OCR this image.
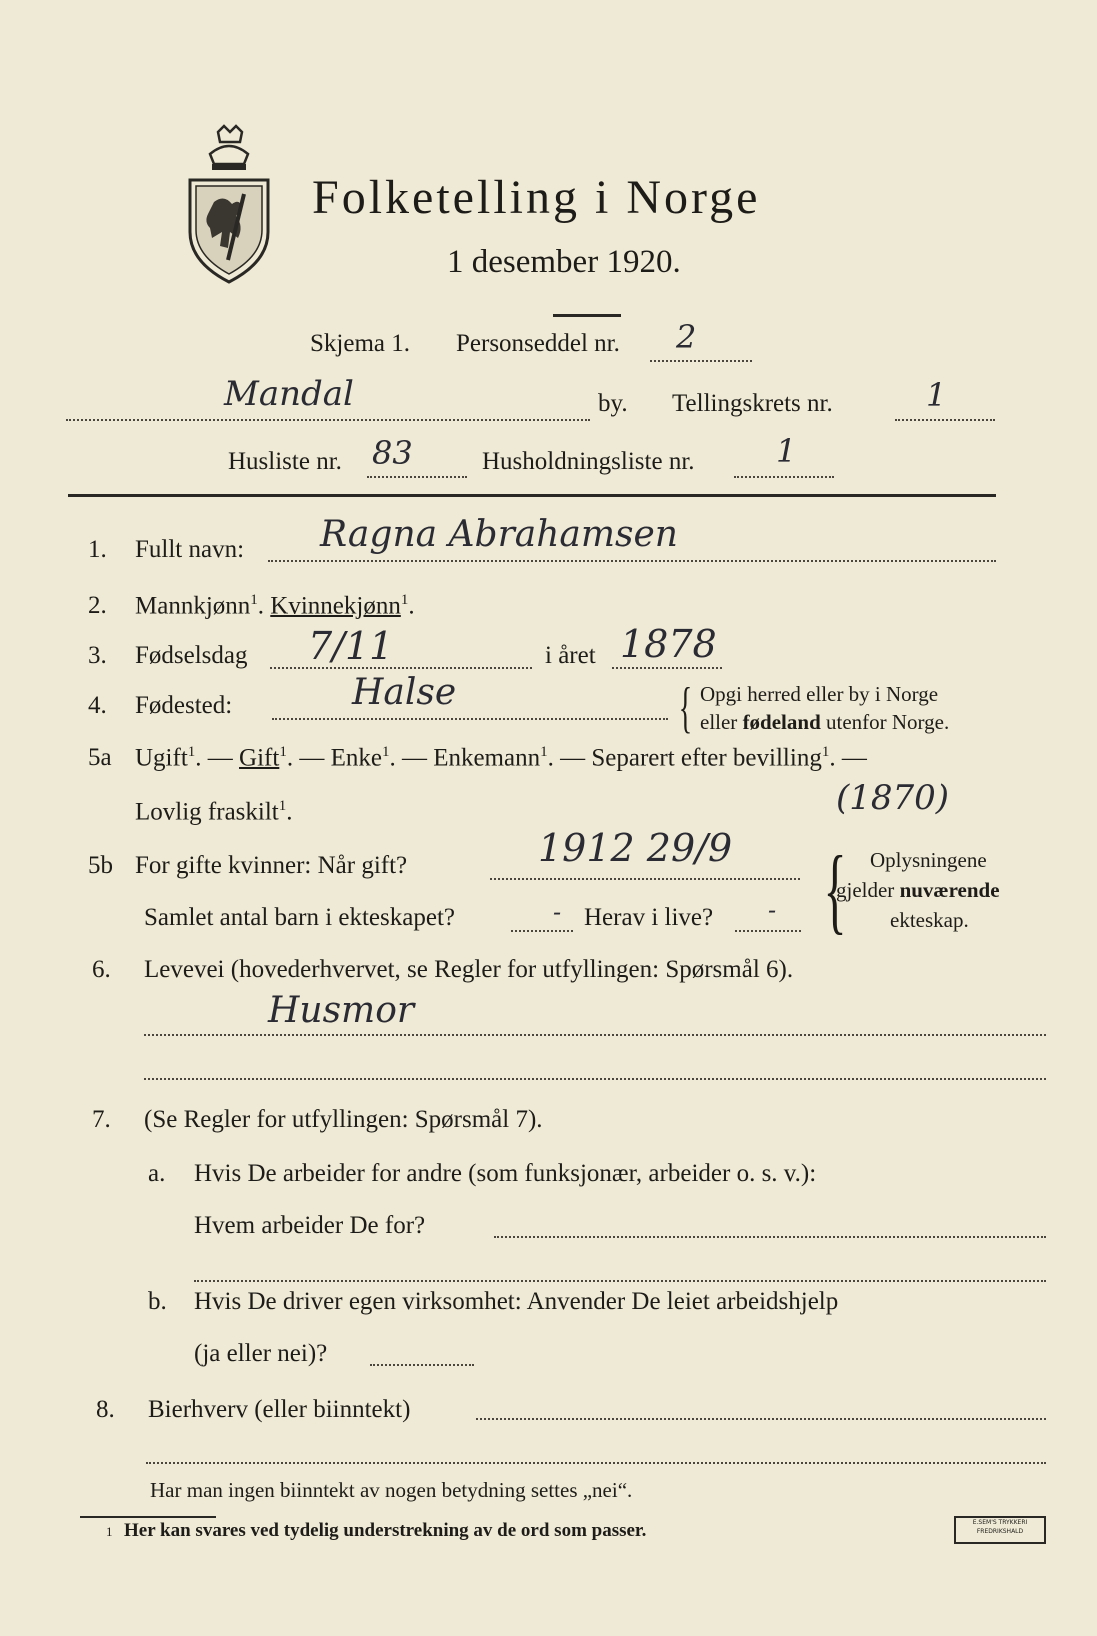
Folketelling i Norge
1 desember 1920.
Skjema 1. Personseddel nr. 2
Mandal	by. Tellingskrets nr.	1
Husliste nr. 83	Husholdningsliste nr.	1
1. Fullt navn: Ragna Abrahamsen
2. Mannkjønn$^1$. Kvinnekjønn$^1$.
3. Fødselsdag 7/11	i året 1878
4. Fødested:	Halse	{ Opgi herred eller by i Norge
eller fødeland utenfor Norge.
5a Ugift$^1$. — Gift$^1$. — Enke$^1$. — Enkemann$^1$. — Separert efter bevilling$^1$. —
Lovlig fraskilt$^1$.	(1870)
5b For gifte kvinner: Når gift?	1912 29/9
Samlet antal barn i ekteskapet?	- Herav i live? - { Oplysningene
gjelder nuværende
ekteskap.
6. Levevei (hovederhvervet, se Regler for utfyllingen: Spørsmål 6).
Husmor
7. (Se Regler for utfyllingen: Spørsmål 7).
a. Hvis De arbeider for andre (som funksjonær, arbeider o. s. v.):
Hvem arbeider De for?
b. Hvis De driver egen virksomhet: Anvender De leiet arbeidshjelp
(ja eller nei)?
8. Bierhverv (eller biinntekt)
Har man ingen biinntekt av nogen betydning settes „nei“.
1 Her kan svares ved tydelig understrekning av de ord som passer.	E.SEM'S TRYKKERI
FREDRIKSHALD
